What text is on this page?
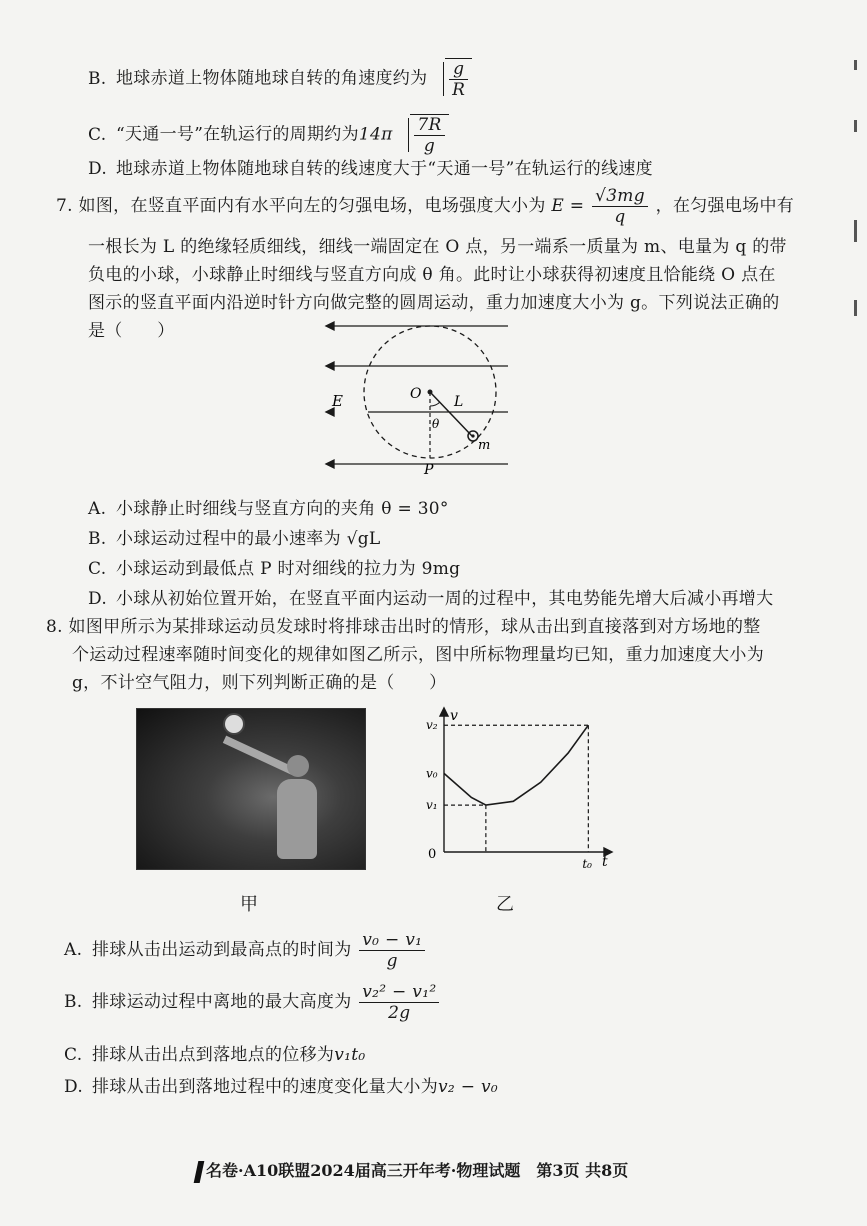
B. 地球赤道上物体随地球自转的角速度约为 $\frac{g}{R}$
C. “天通一号”在轨运行的周期约为$14\pi \frac{7R}{g}$
D. 地球赤道上物体随地球自转的线速度大于“天通一号”在轨运行的线速度
7. 如图，在竖直平面内有水平向左的匀强电场，电场强度大小为 $E = \frac{√3mg}{q}$ ，在匀强电场中有
一根长为 L 的绝缘轻质细线，细线一端固定在 O 点，另一端系一质量为 m、电量为 q 的带
负电的小球，小球静止时细线与竖直方向成 θ 角。此时让小球获得初速度且恰能绕 O 点在
图示的竖直平面内沿逆时针方向做完整的圆周运动，重力加速度大小为 g。下列说法正确的
是（　　）
E	O L
θ
m
P
A. 小球静止时细线与竖直方向的夹角 θ = 30°
B. 小球运动过程中的最小速率为 √gL
C. 小球运动到最低点 P 时对细线的拉力为 9mg
D. 小球从初始位置开始，在竖直平面内运动一周的过程中，其电势能先增大后减小再增大
8. 如图甲所示为某排球运动员发球时将排球击出时的情形，球从击出到直接落到对方场地的整
个运动过程速率随时间变化的规律如图乙所示，图中所标物理量均已知，重力加速度大小为
g，不计空气阻力，则下列判断正确的是（　　）
甲
v
t
v₂
v₀
v₁
0
t₀
乙
A. 排球从击出运动到最高点的时间为 $\frac{\text{v₀ − v₁}}{g}$
B. 排球运动过程中离地的最大高度为 $\frac{\text{v₂² − v₁²}}{2g}$
C. 排球从击出点到落地点的位移为v₁t₀
D. 排球从击出到落地过程中的速度变化量大小为v₂ − v₀
名卷·A10联盟2024届高三开年考·物理试题　第3页 共8页
